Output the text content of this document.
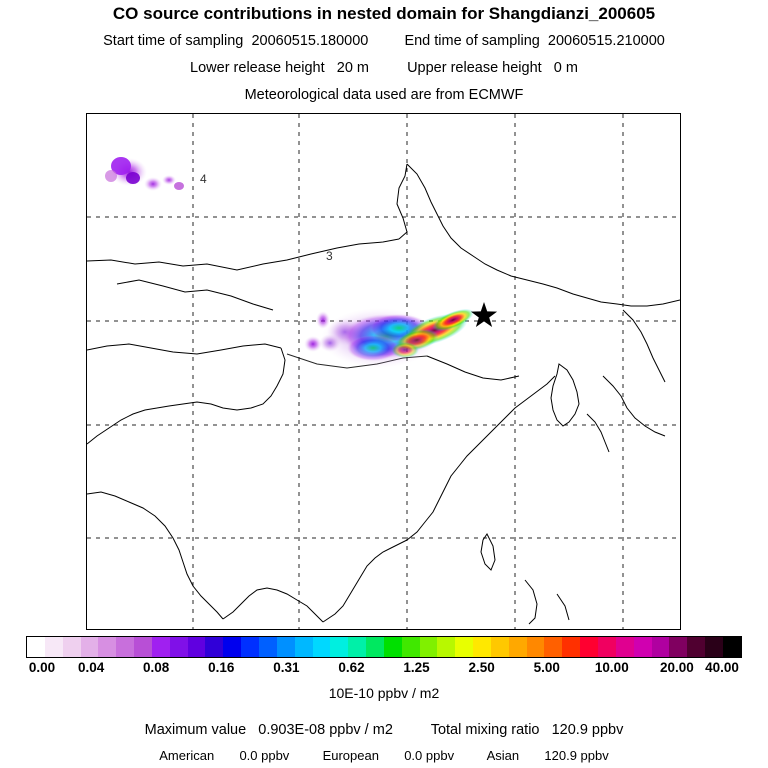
CO source contributions in nested domain for Shangdianzi_200605
Start time of sampling 20060515.180000 End time of sampling 20060515.210000
Lower release height 20 m	Upper release height 0 m
Meteorological data used are from ECMWF
4
3
0.00 0.04	0.08	0.16	0.31	0.62	1.25	2.50	5.00	10.00 20.00 40.00
10E-10 ppbv / m2
Maximum value 0.903E-08 ppbv / m2	Total mixing ratio 120.9 ppbv
American 0.0 ppbv	European 0.0 ppbv	Asian 120.9 ppbv
